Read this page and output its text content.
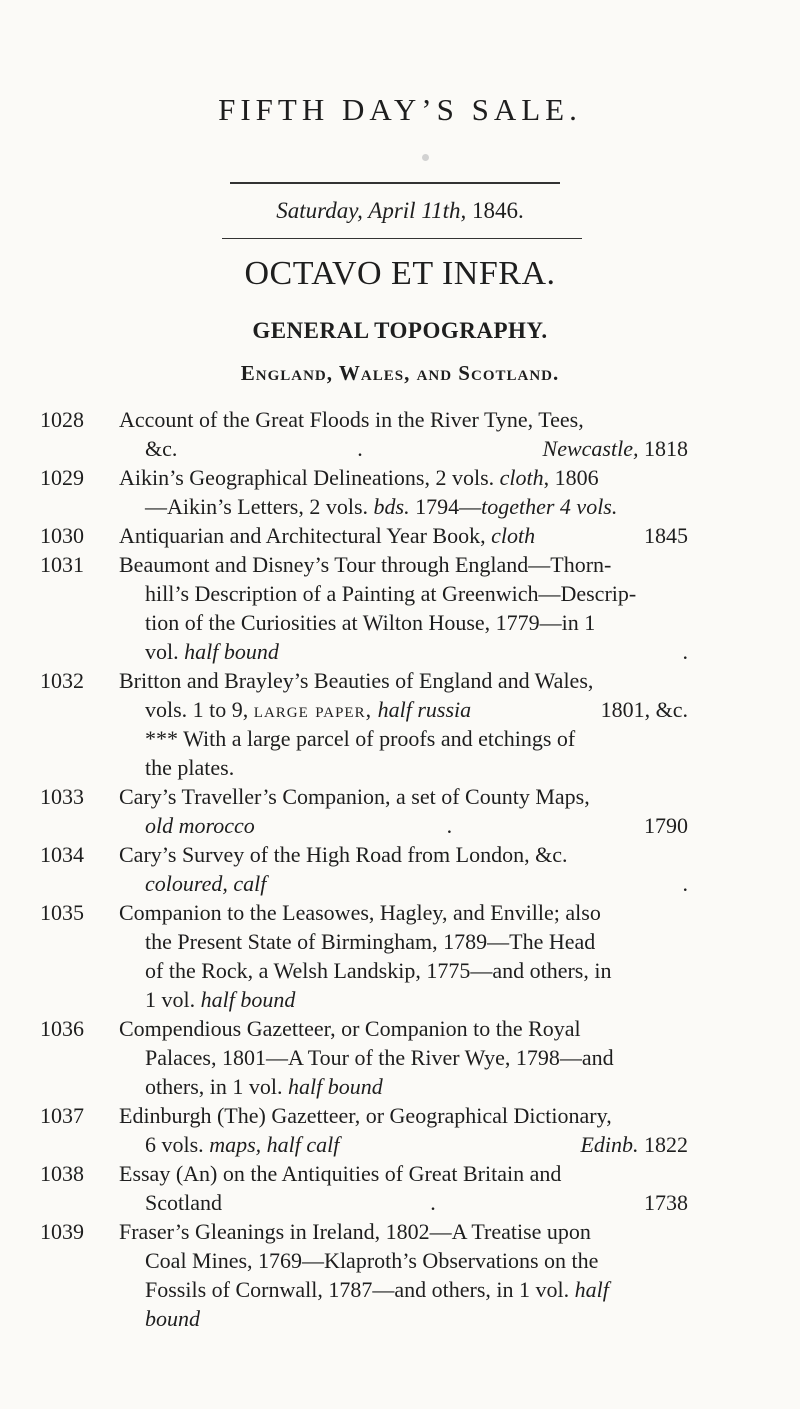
FIFTH DAY’S SALE.
Saturday, April 11th, 1846.
OCTAVO ET INFRA.
GENERAL TOPOGRAPHY.
England, Wales, and Scotland.
1028	Account of the Great Floods in the River Tyne, Tees,
&c.	.	Newcastle, 1818
1029	Aikin’s Geographical Delineations, 2 vols. cloth, 1806
—Aikin’s Letters, 2 vols. bds. 1794—together 4 vols.
1030	Antiquarian and Architectural Year Book, cloth	1845
1031	Beaumont and Disney’s Tour through England—Thorn-
hill’s Description of a Painting at Greenwich—Descrip-
tion of the Curiosities at Wilton House, 1779—in 1
vol. half bound	.
1032	Britton and Brayley’s Beauties of England and Wales,
vols. 1 to 9, large paper, half russia	1801, &c.
*** With a large parcel of proofs and etchings of
the plates.
1033	Cary’s Traveller’s Companion, a set of County Maps,
old morocco	.	1790
1034	Cary’s Survey of the High Road from London, &c.
coloured, calf	.
1035	Companion to the Leasowes, Hagley, and Enville; also
the Present State of Birmingham, 1789—The Head
of the Rock, a Welsh Landskip, 1775—and others, in
1 vol. half bound
1036	Compendious Gazetteer, or Companion to the Royal
Palaces, 1801—A Tour of the River Wye, 1798—and
others, in 1 vol. half bound
1037	Edinburgh (The) Gazetteer, or Geographical Dictionary,
6 vols. maps, half calf	Edinb. 1822
1038	Essay (An) on the Antiquities of Great Britain and
Scotland	.	1738
1039	Fraser’s Gleanings in Ireland, 1802—A Treatise upon
Coal Mines, 1769—Klaproth’s Observations on the
Fossils of Cornwall, 1787—and others, in 1 vol. half
bound
